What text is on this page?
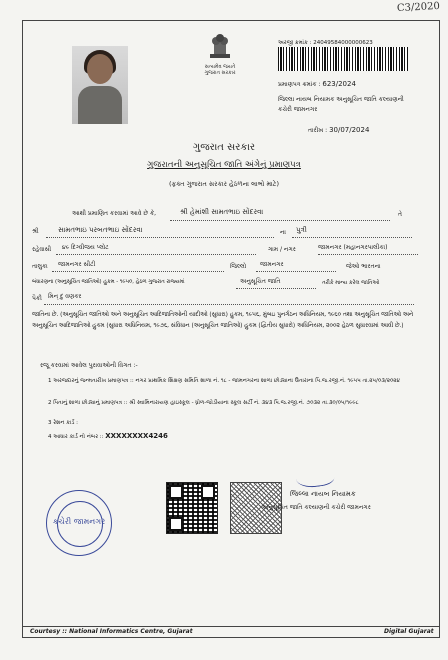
C3/2020
સત્યમેવ જયતે
ગુજરાત સરકાર
અરજી ક્રમાંક : 24049584000000623
પ્રમાણપત્ર ક્રમાંક : 623/2024
જિલ્લા નાયબ નિયામક અનુસૂચિત જાતિ કલ્યાણની
કચેરી જામનગર
તારીખ : 30/07/2024
ગુજરાત સરકાર
ગુજરાતની અનુસૂચિત જાતિ અંગેનું પ્રમાણપત્ર
(ફક્ત ગુજરાત સરકાર હેઠળના લાભો માટે)
આથી પ્રમાણિત કરવામાં આવે છે કે,	શ્રી હેમાંશી સામતભાઇ સોંદરવા	તે
શ્રી	સામતભાઇ પરબતભાઇ સોંદરવા	ના પુત્રી
રહેવાસી ૪૯ દિગ્વીજય પ્લોટ	ગામ / નગર	જામનગર (મહાનગરપાલીકા)
તાલુકા જામનગર સીટી	જિલ્લો જામનગર	જેઓ ભારતના
બંધારણના (અનુસૂચિત જાતિઓ) હુકમ - ૧૯૫૦, હેઠળ ગુજરાત રાજ્યમાં	અનુસૂચિત જાતિ	તરીકે માન્ય કરેલ જાતિઓ
પૈકી મિન્ દુ વણકર
જાતિના છે. (અનુસૂચિત જાતિઓ અને અનુસૂચિત આદિજાતિઓની યાદીઓ (સુધારા) હુકમ, ૧૯૫૬, મુંબઇ પુનર્ગઠન અધિનિયમ, ૧૯૬૦ તથા અનુસૂચિત જાતિઓ અને અનુસૂચિત આદિજાતિઓ હુકમ (સુધારા અધિનિયમ, ૧૯૭૬, સંવિધાન (અનુસૂચિત જાતિઓ) હુકમ (દ્વિતીય સુધારો) અધિનિયમ, ૨૦૦૨ હેઠળ સુધારવામાં આવી છે.)
રજૂ કરવામાં આવેલ પુરાવાઓની વિગત :-
1 અરજદારનું જન્મતારીખ પ્રમાણપત્ર :: નગર પ્રાથમિક શિક્ષણ સમિતિ શાળા નં. ૧૮ - જામનગરના શાળા છોડ્યાના ઉતારાના પિ.જ.રજી.નં. ૧૯૫૫ તા.૨૫/૦૩/૨૦૨૪
2 પિતાનું શાળા છોડ્યાનું પ્રમાણપત્ર :: શ્રી સ્વામિનારાયણ હાઇસ્કૂલ - ધ્રોળ-જોડીયાના સ્કૂલ સર્ટી નં. ૩૪૩ પિ.જ.રજી.નં. ૭૦૩૨ તા.૩૦/૦૫/૧૯૯૮
3 રેશન કાર્ડ :
4 આધાર કાર્ડ નો નંબર :: XXXXXXXX4246
કચેરી જામનગર
જિલ્લા નાયબ નિયામક
અનુસૂચિત જાતિ કલ્યાણની કચેરી જામનગર
Courtesy :: National Informatics Centre, Gujarat	Digital Gujarat
